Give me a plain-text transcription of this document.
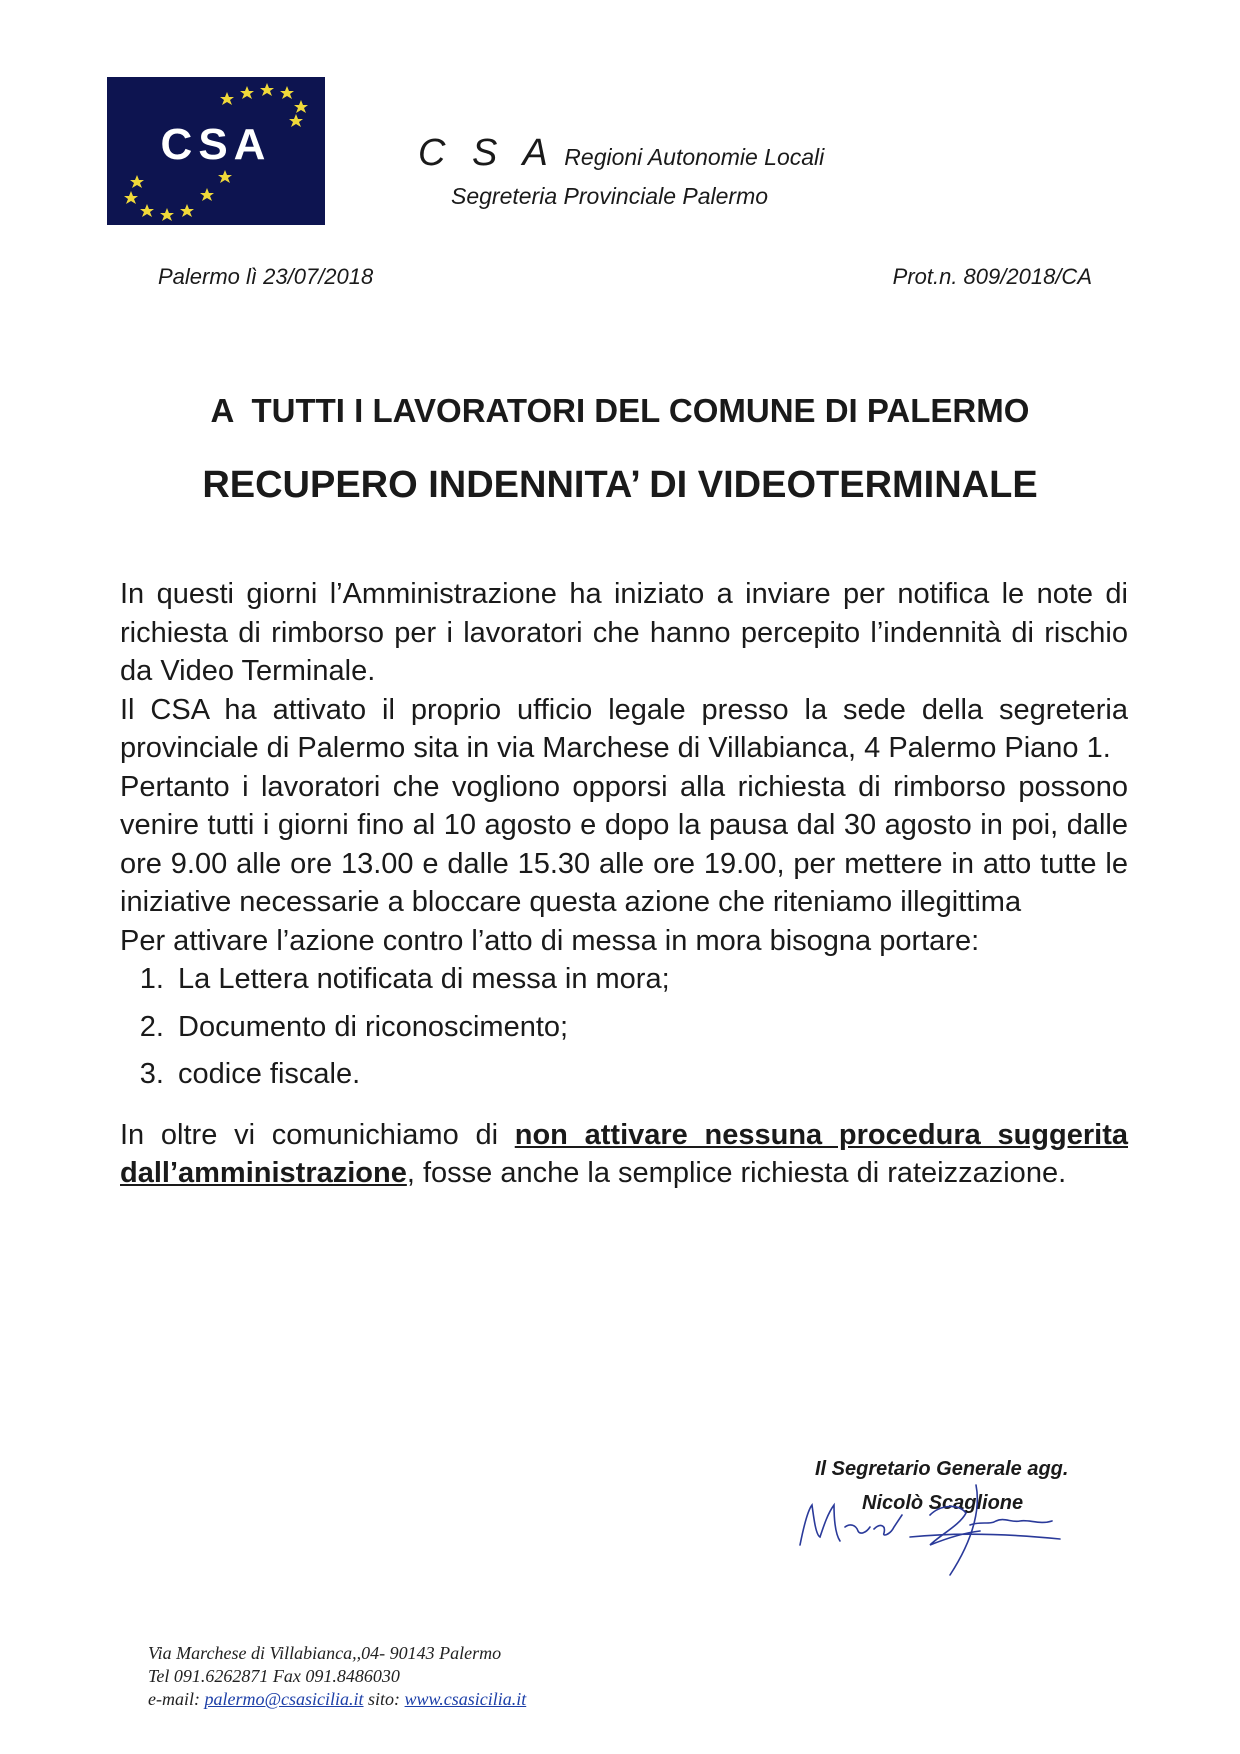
CSA	C S A Regioni Autonomie Locali
Segreteria Provinciale Palermo
Palermo lì 23/07/2018	Prot.n. 809/2018/CA
A  TUTTI I LAVORATORI DEL COMUNE DI PALERMO
RECUPERO INDENNITA’ DI VIDEOTERMINALE

In questi giorni l’Amministrazione ha iniziato a inviare per notifica le note di richiesta di rimborso per i lavoratori che hanno percepito l’indennità di rischio da Video Terminale.

Il CSA ha attivato il proprio ufficio legale presso la sede della segreteria provinciale di Palermo sita in via Marchese di Villabianca, 4 Palermo Piano 1.

Pertanto i lavoratori che vogliono opporsi alla richiesta di rimborso possono venire tutti i giorni fino al 10 agosto e dopo la pausa dal 30 agosto in poi, dalle ore 9.00 alle ore 13.00 e dalle 15.30 alle ore 19.00, per mettere in atto tutte le iniziative necessarie a bloccare questa azione che riteniamo illegittima

Per attivare l’azione contro l’atto di messa in mora bisogna portare:

1. La Lettera notificata di messa in mora;
2. Documento di riconoscimento;
3. codice fiscale.

In oltre vi comunichiamo di non attivare nessuna procedura suggerita dall’amministrazione, fosse anche la semplice richiesta di rateizzazione.

Il Segretario Generale agg.
Nicolò Scaglione
Via Marchese di Villabianca,,04- 90143 Palermo
Tel 091.6262871 Fax 091.8486030
e-mail: palermo@csasicilia.it sito: www.csasicilia.it
